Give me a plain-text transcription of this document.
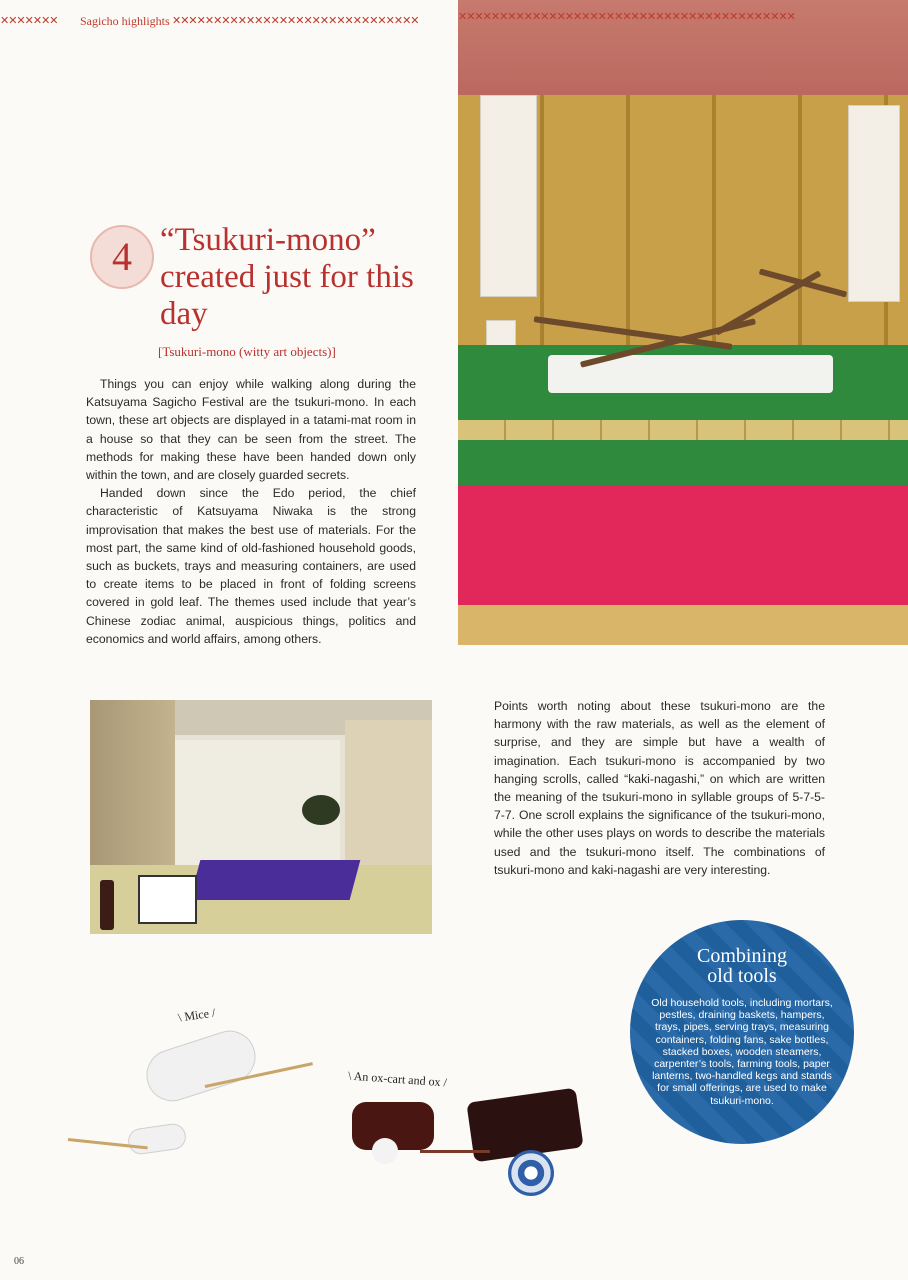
✕✕✕✕✕✕✕	Sagicho highlights ✕✕✕✕✕✕✕✕✕✕✕✕✕✕✕✕✕✕✕✕✕✕✕✕✕✕✕✕✕✕	✕✕✕✕✕✕✕✕✕✕✕✕✕✕✕✕✕✕✕✕✕✕✕✕✕✕✕✕✕✕✕✕✕✕✕✕✕✕✕✕✕
4 “Tsukuri-mono” created just for this day
[Tsukuri-mono (witty art objects)]

Things you can enjoy while walking along during the Katsuyama Sagicho Festival are the tsukuri-mono. In each town, these art objects are displayed in a tatami-mat room in a house so that they can be seen from the street. The methods for making these have been handed down only within the town, and are closely guarded secrets.

Handed down since the Edo period, the chief characteristic of Katsuyama Niwaka is the strong improvisation that makes the best use of materials. For the most part, the same kind of old-fashioned household goods, such as buckets, trays and measuring containers, are used to create items to be placed in front of folding screens covered in gold leaf. The themes used include that year’s Chinese zodiac animal, auspicious things, politics and economics and world affairs, among others.

Points worth noting about these tsukuri-mono are the harmony with the raw materials, as well as the element of surprise, and they are simple but have a wealth of imagination. Each tsukuri-mono is accompanied by two hanging scrolls, called “kaki-nagashi,” on which are written the meaning of the tsukuri-mono in syllable groups of 5-7-5-7-7. One scroll explains the significance of the tsukuri-mono, while the other uses plays on words to describe the materials used and the tsukuri-mono itself. The combinations of tsukuri-mono and kaki-nagashi are very interesting.

Combining
old tools
Old household tools, including mortars, pestles, draining baskets, hampers, trays, pipes, serving trays, measuring containers, folding fans, sake bottles, stacked boxes, wooden steamers, carpenter’s tools, farming tools, paper lanterns, two-handled kegs and stands for small offerings, are used to make tsukuri-mono.
\ Mice /
\ An ox-cart and ox /
06
